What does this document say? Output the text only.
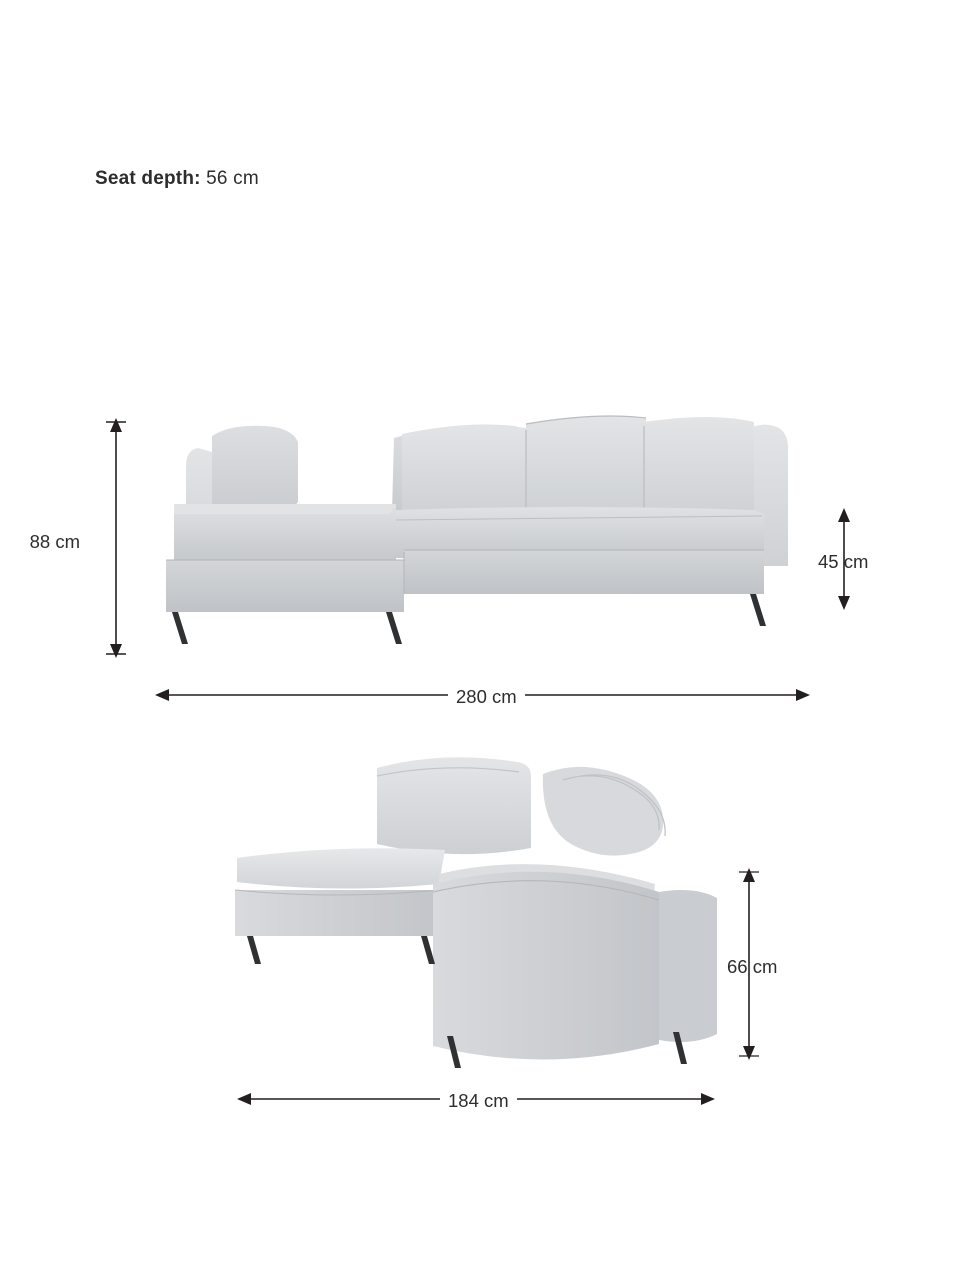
Seat depth: 56 cm
88 cm
45 cm
280 cm
66 cm
184 cm
